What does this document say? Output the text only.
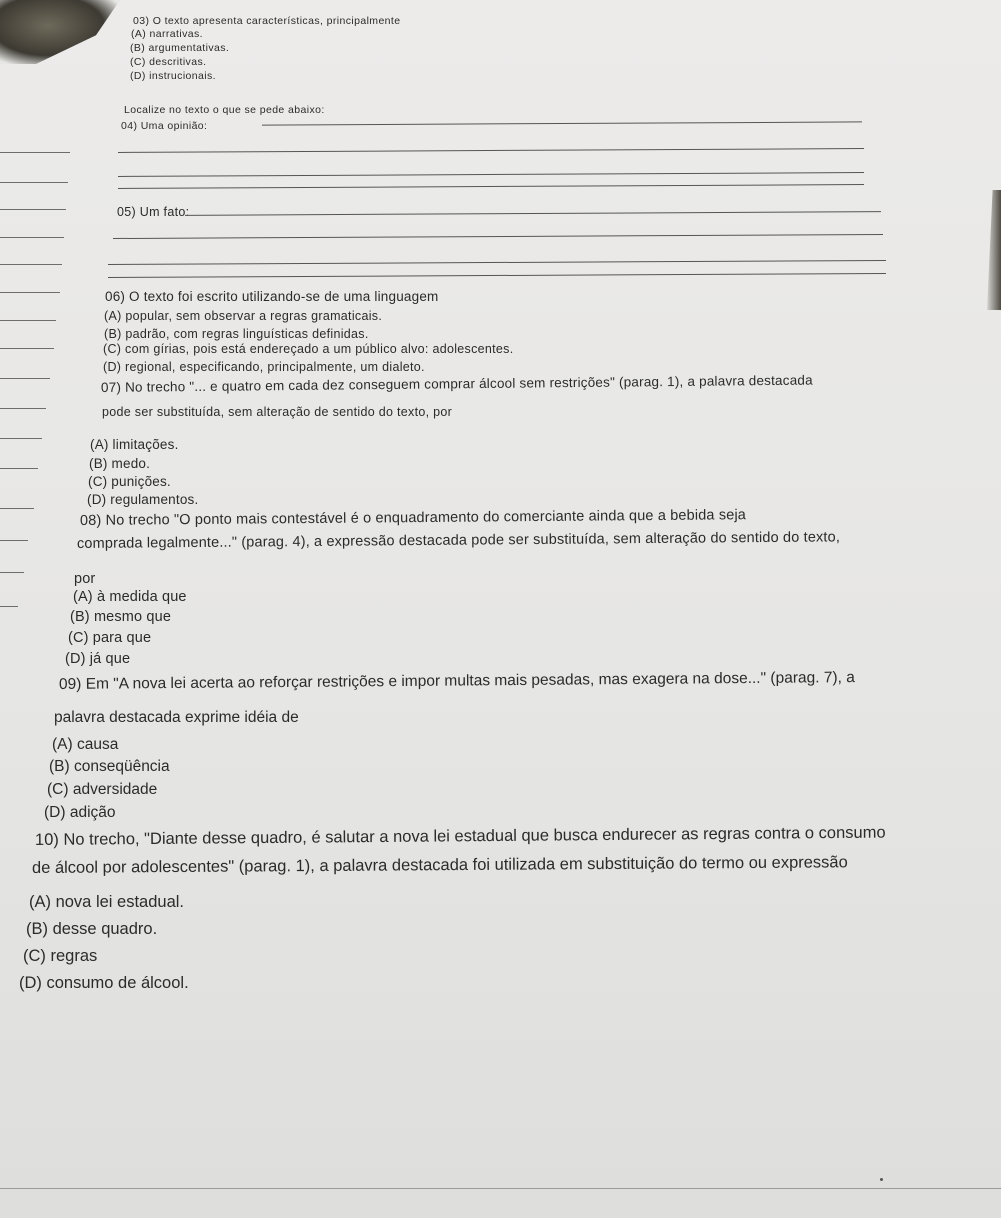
03) O texto apresenta características, principalmente
(A) narrativas.
(B) argumentativas.
(C) descritivas.
(D) instrucionais.
Localize no texto o que se pede abaixo:
04) Uma opinião:
05) Um fato:
06) O texto foi escrito utilizando-se de uma linguagem
(A) popular, sem observar a regras gramaticais.
(B) padrão, com regras linguísticas definidas.
(C) com gírias, pois está endereçado a um público alvo: adolescentes.
(D) regional, especificando, principalmente, um dialeto.
07) No trecho "... e quatro em cada dez conseguem comprar álcool sem restrições" (parag. 1), a palavra destacada
pode ser substituída, sem alteração de sentido do texto, por
(A) limitações.
(B) medo.
(C) punições.
(D) regulamentos.
08) No trecho "O ponto mais contestável é o enquadramento do comerciante ainda que a bebida seja
comprada legalmente..." (parag. 4), a expressão destacada pode ser substituída, sem alteração do sentido do texto,
por
(A) à medida que
(B) mesmo que
(C) para que
(D) já que
09) Em "A nova lei acerta ao reforçar restrições e impor multas mais pesadas, mas exagera na dose..." (parag. 7), a
palavra destacada exprime idéia de
(A) causa
(B) conseqüência
(C) adversidade
(D) adição
10) No trecho, "Diante desse quadro, é salutar a nova lei estadual que busca endurecer as regras contra o consumo
de álcool por adolescentes" (parag. 1), a palavra destacada foi utilizada em substituição do termo ou expressão
(A) nova lei estadual.
(B) desse quadro.
(C) regras
(D) consumo de álcool.
